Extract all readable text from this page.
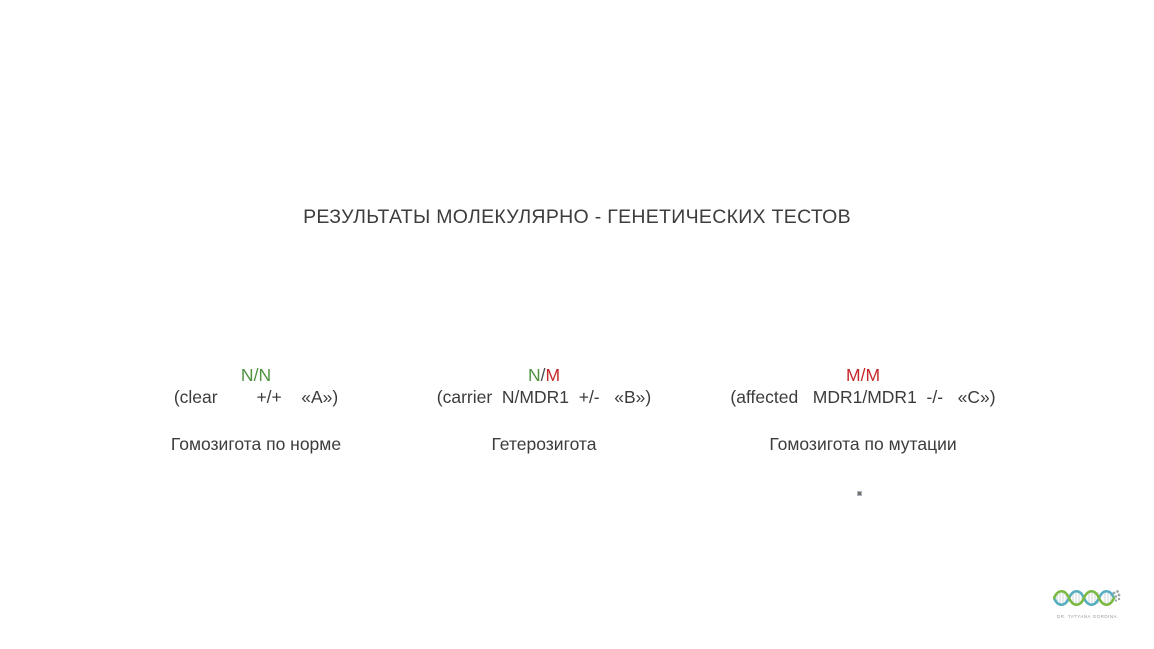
РЕЗУЛЬТАТЫ МОЛЕКУЛЯРНО - ГЕНЕТИЧЕСКИХ ТЕСТОВ
N/N
(clear        +/+    «А»)
Гомозигота по норме
N/M
(carrier  N/MDR1  +/-   «В»)
Гетерозигота
M/M
(affected   MDR1/MDR1  -/-   «С»)
Гомозигота по мутации
DR. TATYANA GORDINA
